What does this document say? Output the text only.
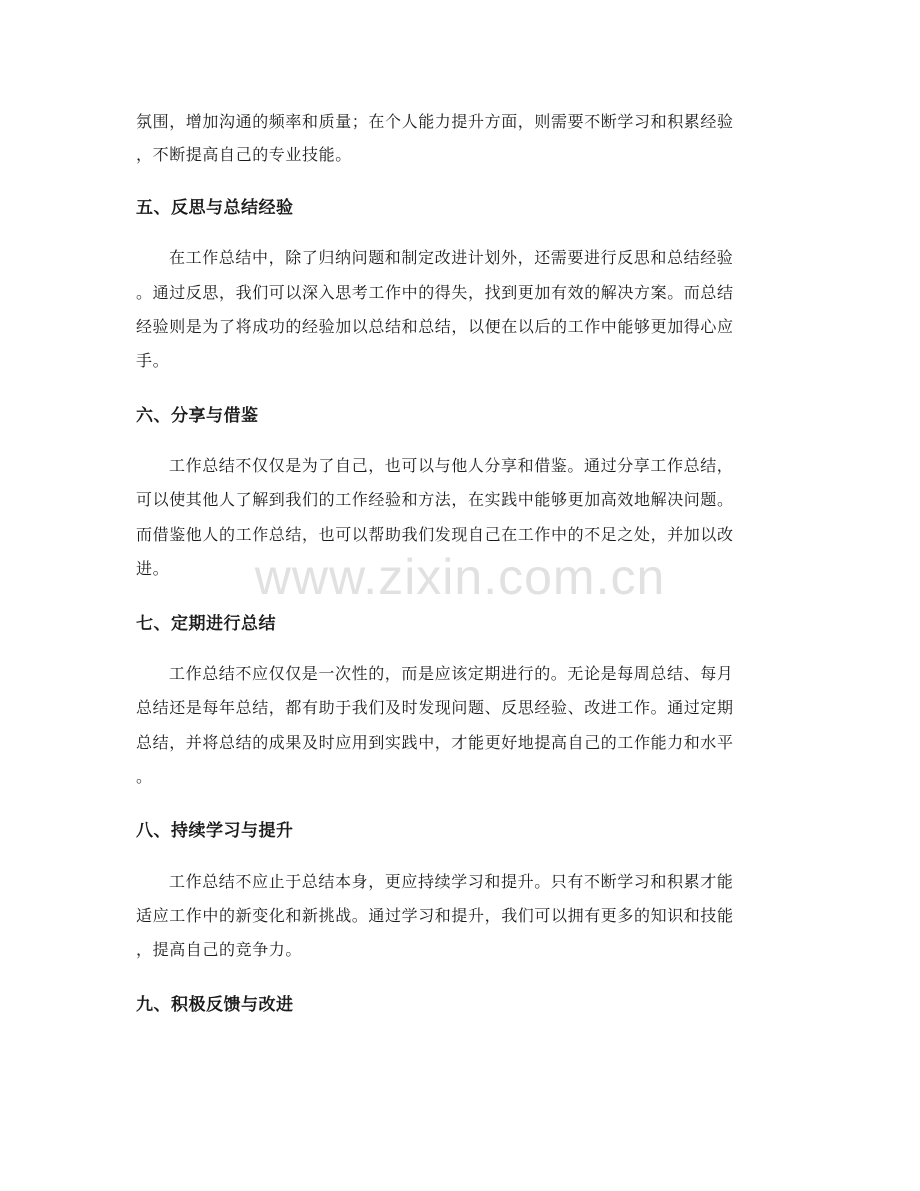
氛围，增加沟通的频率和质量；在个人能力提升方面，则需要不断学习和积累经验
，不断提高自己的专业技能。
五、反思与总结经验
在工作总结中，除了归纳问题和制定改进计划外，还需要进行反思和总结经验
。通过反思，我们可以深入思考工作中的得失，找到更加有效的解决方案。而总结
经验则是为了将成功的经验加以总结和总结，以便在以后的工作中能够更加得心应
手。
六、分享与借鉴
工作总结不仅仅是为了自己，也可以与他人分享和借鉴。通过分享工作总结，
可以使其他人了解到我们的工作经验和方法，在实践中能够更加高效地解决问题。
而借鉴他人的工作总结，也可以帮助我们发现自己在工作中的不足之处，并加以改
进。
七、定期进行总结
工作总结不应仅仅是一次性的，而是应该定期进行的。无论是每周总结、每月
总结还是每年总结，都有助于我们及时发现问题、反思经验、改进工作。通过定期
总结，并将总结的成果及时应用到实践中，才能更好地提高自己的工作能力和水平
。
八、持续学习与提升
工作总结不应止于总结本身，更应持续学习和提升。只有不断学习和积累才能
适应工作中的新变化和新挑战。通过学习和提升，我们可以拥有更多的知识和技能
，提高自己的竞争力。
九、积极反馈与改进
www.zixin.com.cn
